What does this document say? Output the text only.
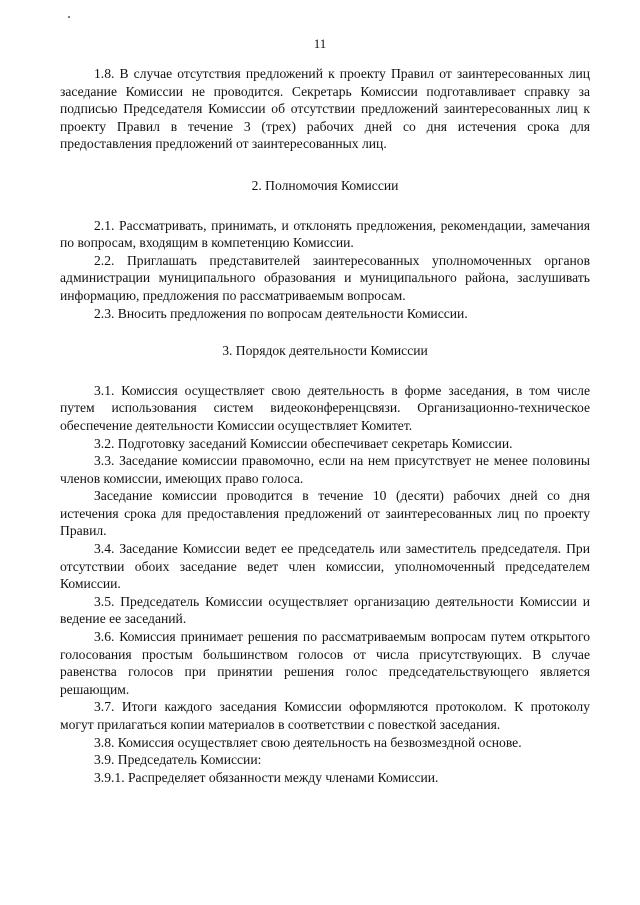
11

1.8. В случае отсутствия предложений к проекту Правил от заинтересованных лиц заседание Комиссии не проводится. Секретарь Комиссии подготавливает справку за подписью Председателя Комиссии об отсутствии предложений заинтересованных лиц к проекту Правил в течение 3 (трех) рабочих дней со дня истечения срока для предоставления предложений от заинтересованных лиц.

2. Полномочия Комиссии

2.1. Рассматривать, принимать, и отклонять предложения, рекомендации, замечания по вопросам, входящим в компетенцию Комиссии.

2.2. Приглашать представителей заинтересованных уполномоченных органов администрации муниципального образования и муниципального района, заслушивать информацию, предложения по рассматриваемым вопросам.

2.3. Вносить предложения по вопросам деятельности Комиссии.

3. Порядок деятельности Комиссии

3.1. Комиссия осуществляет свою деятельность в форме заседания, в том числе путем использования систем видеоконференцсвязи. Организационно-техническое обеспечение деятельности Комиссии осуществляет Комитет.

3.2. Подготовку заседаний Комиссии обеспечивает секретарь Комиссии.

3.3. Заседание комиссии правомочно, если на нем присутствует не менее половины членов комиссии, имеющих право голоса.

Заседание комиссии проводится в течение 10 (десяти) рабочих дней со дня истечения срока для предоставления предложений от заинтересованных лиц по проекту Правил.

3.4. Заседание Комиссии ведет ее председатель или заместитель председателя. При отсутствии обоих заседание ведет член комиссии, уполномоченный председателем Комиссии.

3.5. Председатель Комиссии осуществляет организацию деятельности Комиссии и ведение ее заседаний.

3.6. Комиссия принимает решения по рассматриваемым вопросам путем открытого голосования простым большинством голосов от числа присутствующих. В случае равенства голосов при принятии решения голос председательствующего является решающим.

3.7. Итоги каждого заседания Комиссии оформляются протоколом. К протоколу могут прилагаться копии материалов в соответствии с повесткой заседания.

3.8. Комиссия осуществляет свою деятельность на безвозмездной основе.

3.9. Председатель Комиссии:

3.9.1. Распределяет обязанности между членами Комиссии.
